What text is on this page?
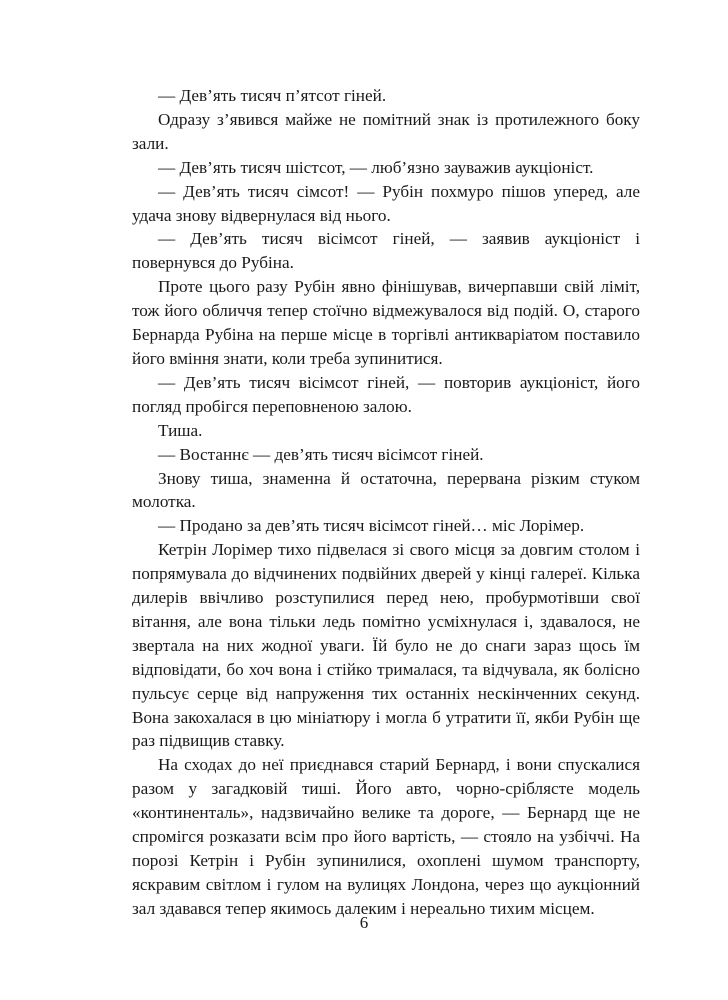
— Дев’ять тисяч п’ятсот гіней.

Одразу з’явився майже не помітний знак із протилежного боку зали.

— Дев’ять тисяч шістсот, — люб’язно зауважив аукціоніст.

— Дев’ять тисяч сімсот! — Рубін похмуро пішов уперед, але удача знову відвернулася від нього.

— Дев’ять тисяч вісімсот гіней, — заявив аукціоніст і повернувся до Рубіна.

Проте цього разу Рубін явно фінішував, вичерпавши свій ліміт, тож його обличчя тепер стоїчно відмежувалося від подій. О, старого Бернарда Рубіна на перше місце в торгівлі антикваріатом поставило його вміння знати, коли треба зупинитися.

— Дев’ять тисяч вісімсот гіней, — повторив аукціоніст, його погляд пробігся переповненою залою.

Тиша.

— Востаннє — дев’ять тисяч вісімсот гіней.

Знову тиша, знаменна й остаточна, перервана різким стуком молотка.

— Продано за дев’ять тисяч вісімсот гіней… міс Лорімер.

Кетрін Лорімер тихо підвелася зі свого місця за довгим столом і попрямувала до відчинених подвійних дверей у кінці галереї. Кілька дилерів ввічливо розступилися перед нею, пробурмотівши свої вітання, але вона тільки ледь помітно усміхнулася і, здавалося, не звертала на них жодної уваги. Їй було не до снаги зараз щось їм відповідати, бо хоч вона і стійко трималася, та відчувала, як болісно пульсує серце від напруження тих останніх нескінченних секунд. Вона закохалася в цю мініатюру і могла б утратити її, якби Рубін ще раз підвищив ставку.

На сходах до неї приєднався старий Бернард, і вони спускалися разом у загадковій тиші. Його авто, чорно-сріблясте модель «континенталь», надзвичайно велике та дороге, — Бернард ще не спромігся розказати всім про його вартість, — стояло на узбіччі. На порозі Кетрін і Рубін зупинилися, охоплені шумом транспорту, яскравим світлом і гулом на вулицях Лондона, через що аукціонний зал здавався тепер якимось далеким і нереально тихим місцем.

6
